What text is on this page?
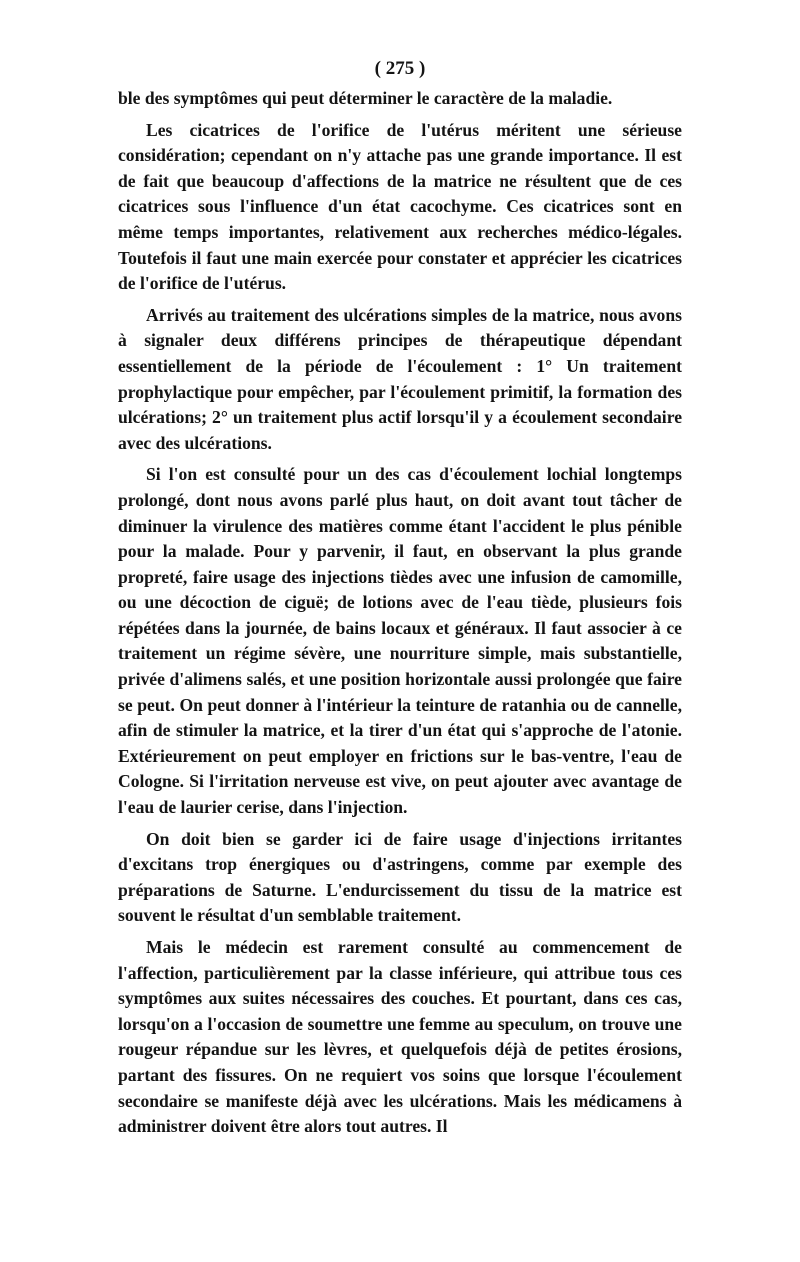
( 275 )

ble des symptômes qui peut déterminer le caractère de la maladie.

Les cicatrices de l'orifice de l'utérus méritent une sérieuse considération; cependant on n'y attache pas une grande importance. Il est de fait que beaucoup d'affections de la matrice ne résultent que de ces cicatrices sous l'influence d'un état cacochyme. Ces cicatrices sont en même temps importantes, relativement aux recherches médico-légales. Toutefois il faut une main exercée pour constater et apprécier les cicatrices de l'orifice de l'utérus.

Arrivés au traitement des ulcérations simples de la matrice, nous avons à signaler deux différens principes de thérapeutique dépendant essentiellement de la période de l'écoulement : 1° Un traitement prophylactique pour empêcher, par l'écoulement primitif, la formation des ulcérations; 2° un traitement plus actif lorsqu'il y a écoulement secondaire avec des ulcérations.

Si l'on est consulté pour un des cas d'écoulement lochial longtemps prolongé, dont nous avons parlé plus haut, on doit avant tout tâcher de diminuer la virulence des matières comme étant l'accident le plus pénible pour la malade. Pour y parvenir, il faut, en observant la plus grande propreté, faire usage des injections tièdes avec une infusion de camomille, ou une décoction de ciguë; de lotions avec de l'eau tiède, plusieurs fois répétées dans la journée, de bains locaux et généraux. Il faut associer à ce traitement un régime sévère, une nourriture simple, mais substantielle, privée d'alimens salés, et une position horizontale aussi prolongée que faire se peut. On peut donner à l'intérieur la teinture de ratanhia ou de cannelle, afin de stimuler la matrice, et la tirer d'un état qui s'approche de l'atonie. Extérieurement on peut employer en frictions sur le bas-ventre, l'eau de Cologne. Si l'irritation nerveuse est vive, on peut ajouter avec avantage de l'eau de laurier cerise, dans l'injection.

On doit bien se garder ici de faire usage d'injections irritantes d'excitans trop énergiques ou d'astringens, comme par exemple des préparations de Saturne. L'endurcissement du tissu de la matrice est souvent le résultat d'un semblable traitement.

Mais le médecin est rarement consulté au commencement de l'affection, particulièrement par la classe inférieure, qui attribue tous ces symptômes aux suites nécessaires des couches. Et pourtant, dans ces cas, lorsqu'on a l'occasion de soumettre une femme au speculum, on trouve une rougeur répandue sur les lèvres, et quelquefois déjà de petites érosions, partant des fissures. On ne requiert vos soins que lorsque l'écoulement secondaire se manifeste déjà avec les ulcérations. Mais les médicamens à administrer doivent être alors tout autres. Il
